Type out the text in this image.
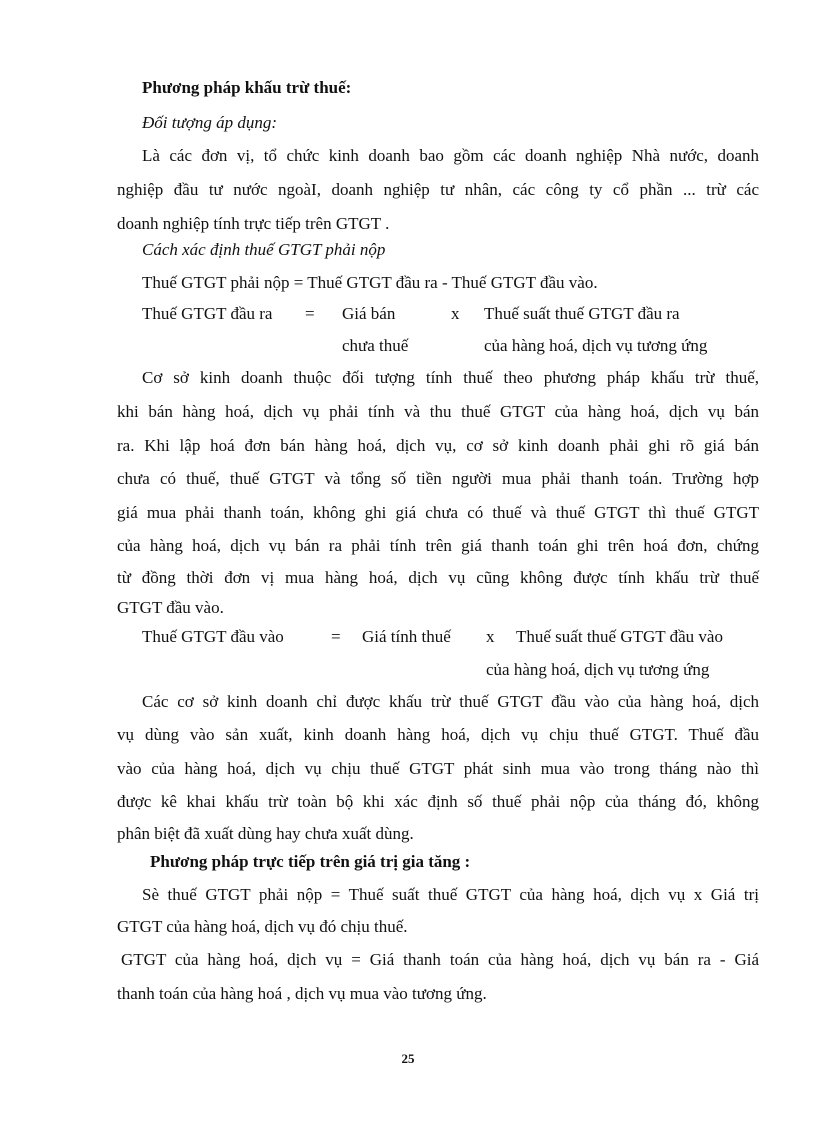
Phương pháp khấu trừ thuế:
Đối tượng áp dụng:
Là các đơn vị, tổ chức kinh doanh bao gồm các doanh nghiệp Nhà nước, doanh
nghiệp đầu tư nước ngoàI, doanh nghiệp tư nhân, các công ty cổ phần ... trừ các
doanh nghiệp tính trực tiếp trên GTGT .
Cách xác định thuế GTGT phải nộp
Thuế GTGT phải nộp = Thuế GTGT đầu ra - Thuế GTGT đầu vào.
Thuế GTGT đầu ra = Giá bán	x Thuế suất thuế GTGT đầu ra
chưa thuế	của hàng hoá, dịch vụ tương ứng
Cơ sở kinh doanh thuộc đối tượng tính thuế theo phương pháp khấu trừ thuế,
khi bán hàng hoá, dịch vụ phải tính và thu thuế GTGT của hàng hoá, dịch vụ bán
ra. Khi lập hoá đơn bán hàng hoá, dịch vụ, cơ sở kinh doanh phải ghi rõ giá bán
chưa có thuế, thuế GTGT và tổng số tiền người mua phải thanh toán. Trường hợp
giá mua phải thanh toán, không ghi giá chưa có thuế và thuế GTGT thì thuế GTGT
của hàng hoá, dịch vụ bán ra phải tính trên giá thanh toán ghi trên hoá đơn, chứng
từ đồng thời đơn vị mua hàng hoá, dịch vụ cũng không được tính khấu trừ thuế
GTGT đầu vào.
Thuế GTGT đầu vào	= Giá tính thuế x Thuế suất thuế GTGT đầu vào
của hàng hoá, dịch vụ tương ứng
Các cơ sở kinh doanh chỉ được khấu trừ thuế GTGT đầu vào của hàng hoá, dịch
vụ dùng vào sản xuất, kinh doanh hàng hoá, dịch vụ chịu thuế GTGT. Thuế đầu
vào của hàng hoá, dịch vụ chịu thuế GTGT phát sinh mua vào trong tháng nào thì
được kê khai khấu trừ toàn bộ khi xác định số thuế phải nộp của tháng đó, không
phân biệt đã xuất dùng hay chưa xuất dùng.
Phương pháp trực tiếp trên giá trị gia tăng :
Sè thuế GTGT phải nộp = Thuế suất thuế GTGT của hàng hoá, dịch vụ x Giá trị
GTGT của hàng hoá, dịch vụ đó chịu thuế.
GTGT của hàng hoá, dịch vụ = Giá thanh toán của hàng hoá, dịch vụ bán ra - Giá
thanh toán của hàng hoá , dịch vụ mua vào tương ứng.
25
